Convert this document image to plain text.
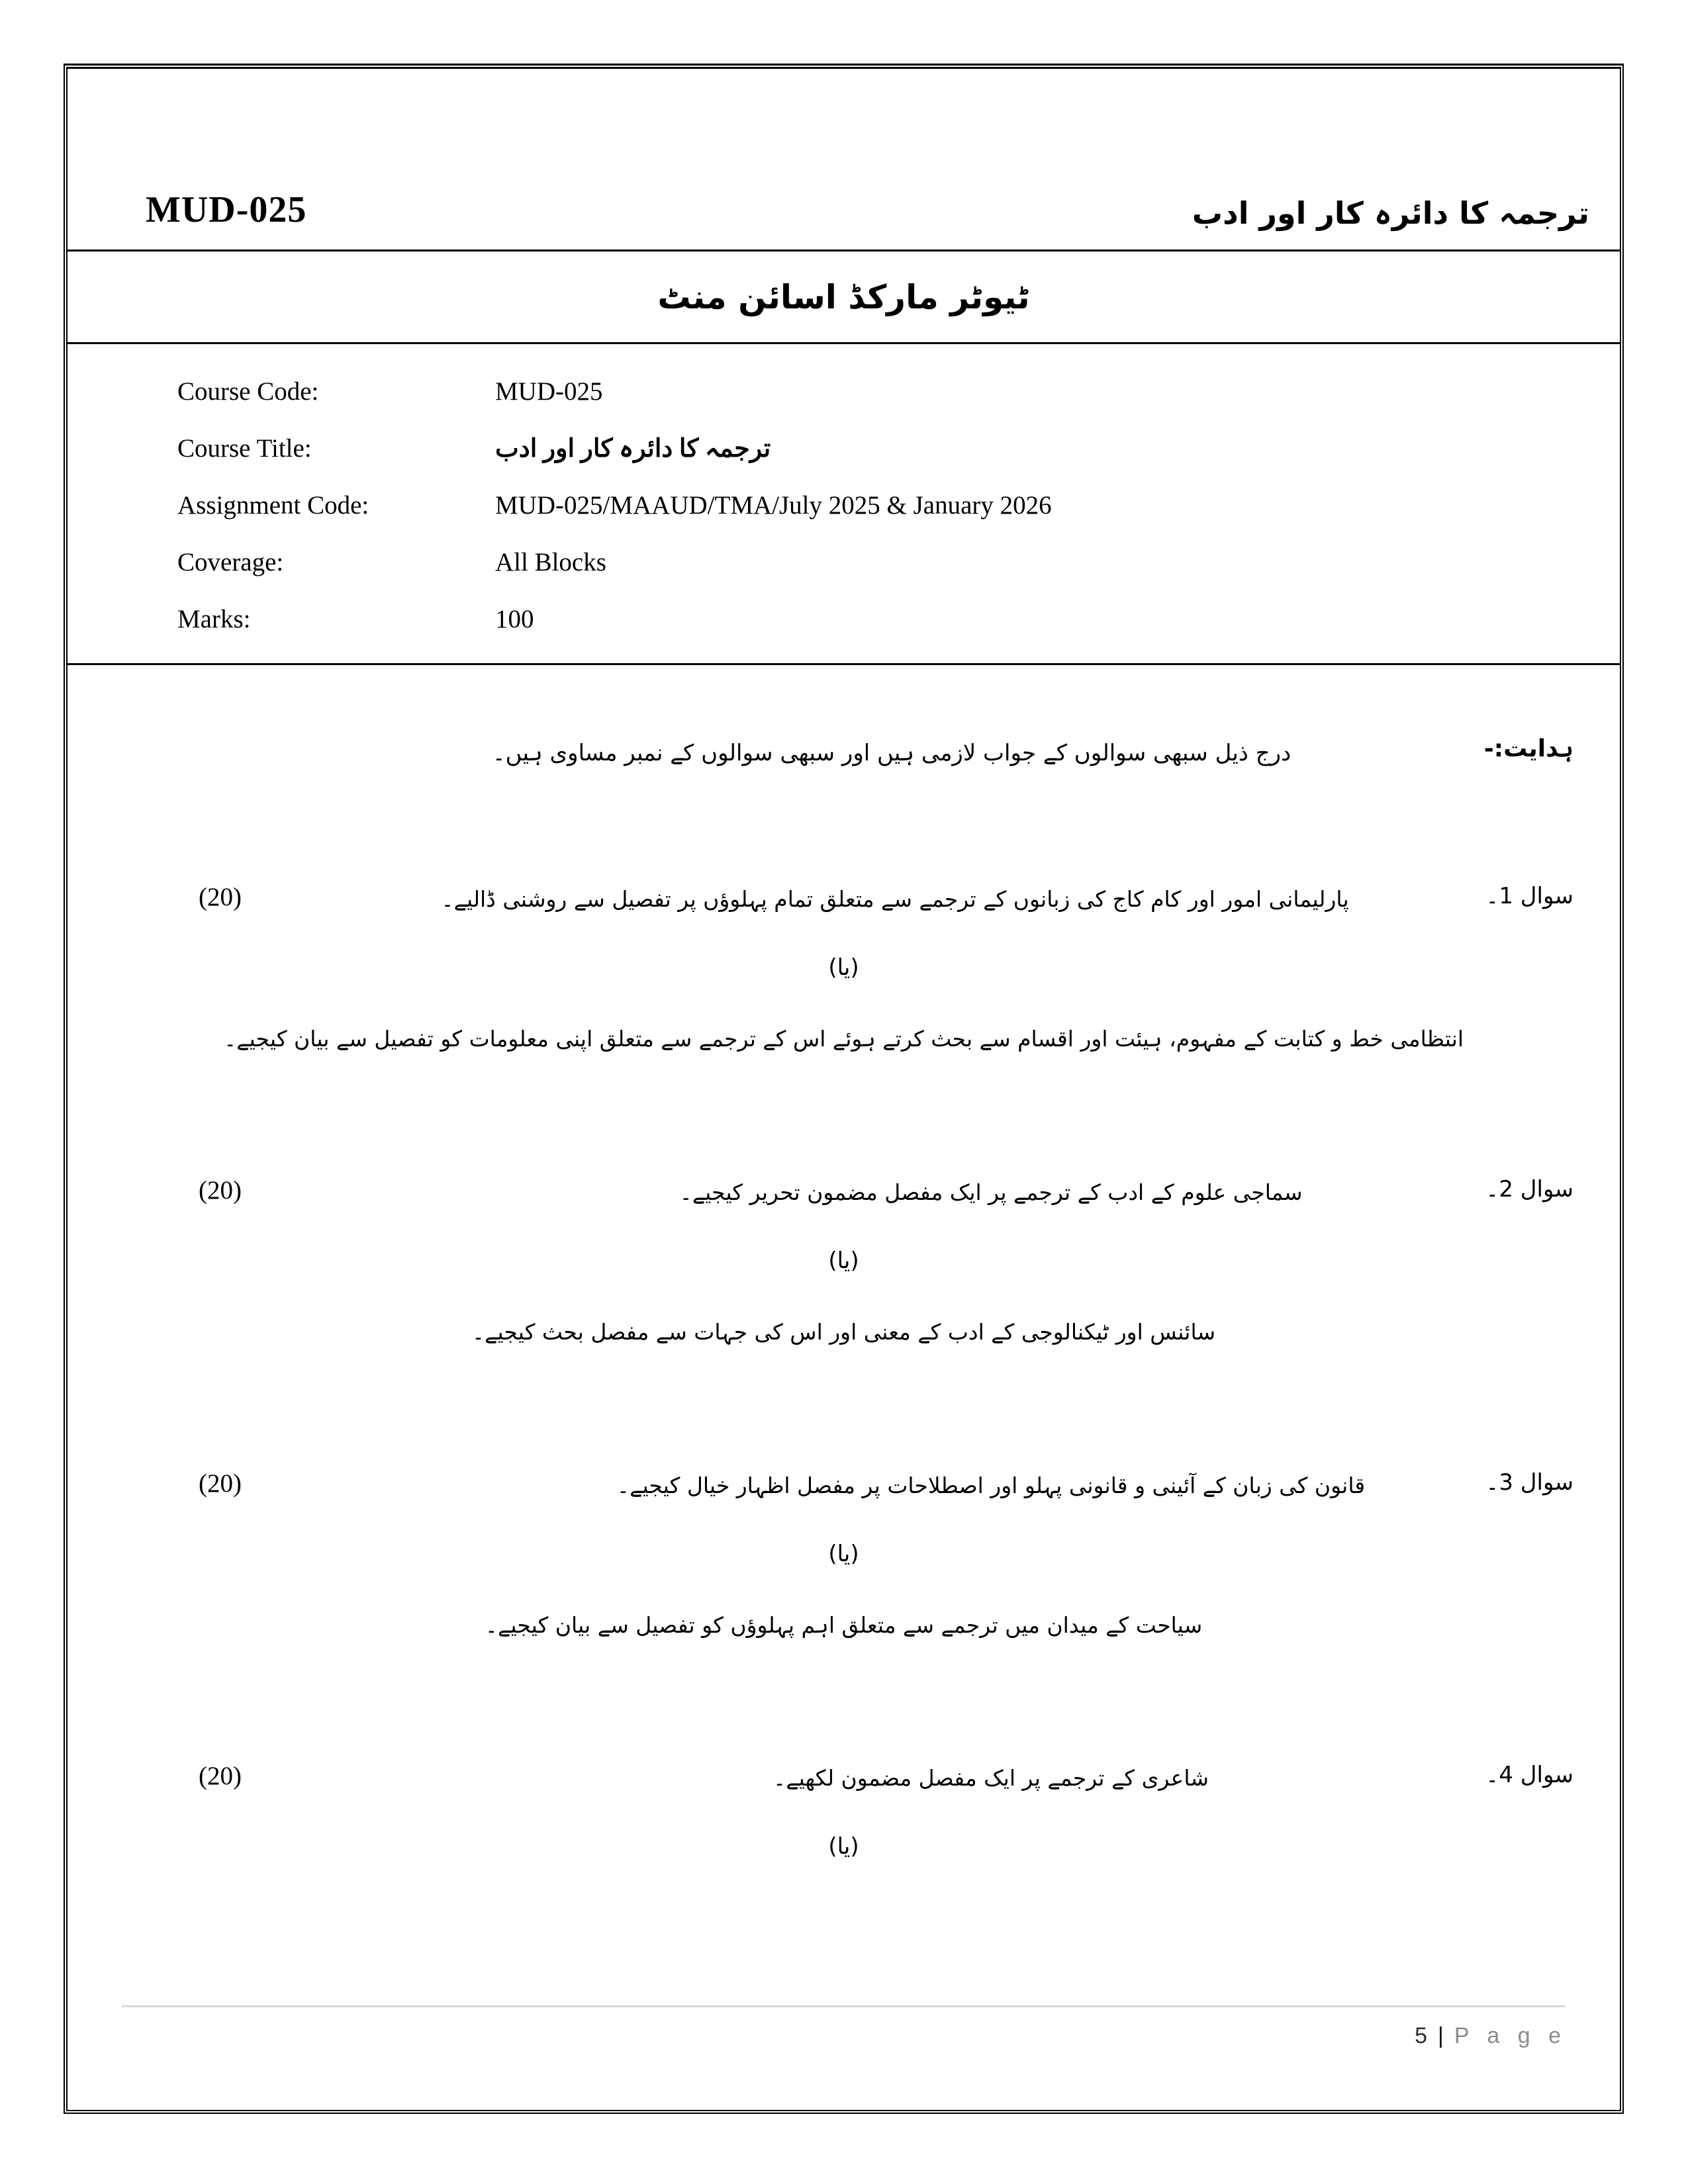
MUD-025	ترجمہ کا دائرہ کار اور ادب
ٹیوٹر مارکڈ اسائن منٹ
Course Code:	MUD-025
Course Title:	ترجمہ کا دائرہ کار اور ادب
Assignment Code:	MUD-025/MAAUD/TMA/July 2025 & January 2026
Coverage:	All Blocks
Marks:	100
ہدایت:-
درج ذیل سبھی سوالوں کے جواب لازمی ہیں اور سبھی سوالوں کے نمبر مساوی ہیں۔
سوال 1۔
پارلیمانی امور اور کام کاج کی زبانوں کے ترجمے سے متعلق تمام پہلوؤں پر تفصیل سے روشنی ڈالیے۔
(20)
(یا)
انتظامی خط و کتابت کے مفہوم، ہیئت اور اقسام سے بحث کرتے ہوئے اس کے ترجمے سے متعلق اپنی معلومات کو تفصیل سے بیان کیجیے۔
سوال 2۔
سماجی علوم کے ادب کے ترجمے پر ایک مفصل مضمون تحریر کیجیے۔
(20)
(یا)
سائنس اور ٹیکنالوجی کے ادب کے معنی اور اس کی جہات سے مفصل بحث کیجیے۔
سوال 3۔
قانون کی زبان کے آئینی و قانونی پہلو اور اصطلاحات پر مفصل اظہار خیال کیجیے۔
(20)
(یا)
سیاحت کے میدان میں ترجمے سے متعلق اہم پہلوؤں کو تفصیل سے بیان کیجیے۔
سوال 4۔
شاعری کے ترجمے پر ایک مفصل مضمون لکھیے۔
(20)
(یا)
5 | P a g e
